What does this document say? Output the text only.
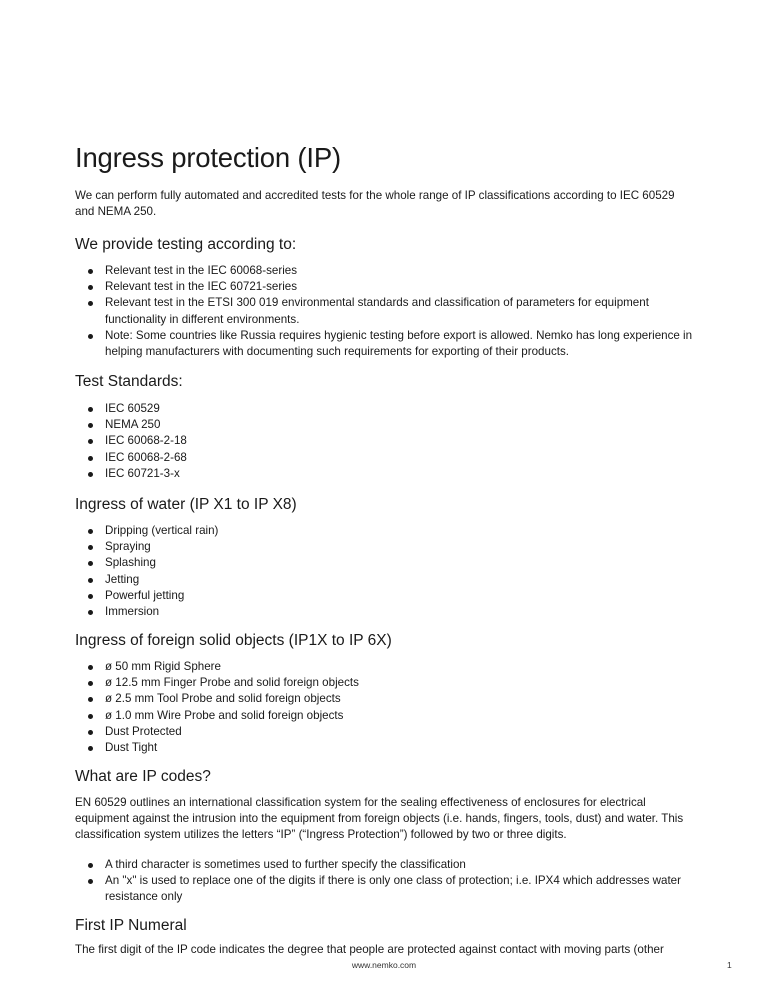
Ingress protection (IP)

We can perform fully automated and accredited tests for the whole range of IP classifications according to IEC 60529 and NEMA 250.

We provide testing according to:
Relevant test in the IEC 60068-series
Relevant test in the IEC 60721-series
Relevant test in the ETSI 300 019 environmental standards and classification of parameters for equipment functionality in different environments.
Note: Some countries like Russia requires hygienic testing before export is allowed. Nemko has long experience in helping manufacturers with documenting such requirements for exporting of their products.
Test Standards:
IEC 60529
NEMA 250
IEC 60068-2-18
IEC 60068-2-68
IEC 60721-3-x
Ingress of water (IP X1 to IP X8)
Dripping (vertical rain)
Spraying
Splashing
Jetting
Powerful jetting
Immersion
Ingress of foreign solid objects (IP1X to IP 6X)
ø 50 mm Rigid Sphere
ø 12.5 mm Finger Probe and solid foreign objects
ø 2.5 mm Tool Probe and solid foreign objects
ø 1.0 mm Wire Probe and solid foreign objects
Dust Protected
Dust Tight
What are IP codes?

EN 60529 outlines an international classification system for the sealing effectiveness of enclosures for electrical equipment against the intrusion into the equipment from foreign objects (i.e. hands, fingers, tools, dust) and water. This classification system utilizes the letters “IP” (“Ingress Protection”) followed by two or three digits.

A third character is sometimes used to further specify the classification
An "x" is used to replace one of the digits if there is only one class of protection; i.e. IPX4 which addresses water resistance only
First IP Numeral

The first digit of the IP code indicates the degree that people are protected against contact with moving parts (other

www.nemko.com	1
